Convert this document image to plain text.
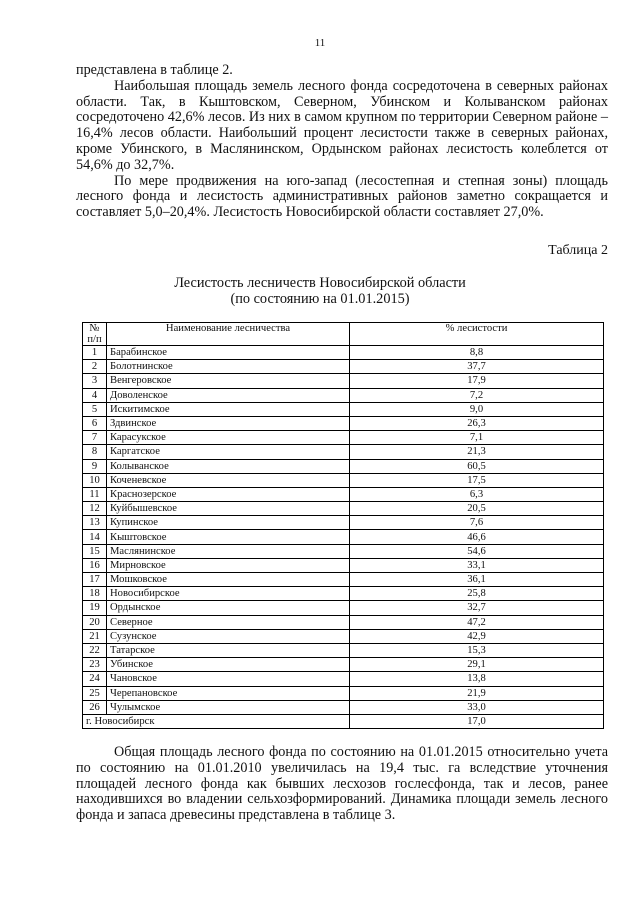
11

представлена в таблице 2.

Наибольшая площадь земель лесного фонда сосредоточена в северных районах области. Так, в Кыштовском, Северном, Убинском и Колыванском районах сосредоточено 42,6% лесов. Из них в самом крупном по территории Северном районе – 16,4% лесов области. Наибольший процент лесистости также в северных районах, кроме Убинского, в Маслянинском, Ордынском районах лесистость колеблется от 54,6% до 32,7%.

По мере продвижения на юго-запад (лесостепная и степная зоны) площадь лесного фонда и лесистость административных районов заметно сокращается и составляет 5,0–20,4%. Лесистость Новосибирской области составляет 27,0%.

Таблица 2
Лесистость лесничеств Новосибирской области
(по состоянию на 01.01.2015)
№ п/п	Наименование лесничества	% лесистости
1	Барабинское	8,8
2	Болотнинское	37,7
3	Венгеровское	17,9
4	Доволенское	7,2
5	Искитимское	9,0
6	Здвинское	26,3
7	Карасукское	7,1
8	Каргатское	21,3
9	Колыванское	60,5
10	Коченевское	17,5
11	Краснозерское	6,3
12	Куйбышевское	20,5
13	Купинское	7,6
14	Кыштовское	46,6
15	Маслянинское	54,6
16	Мирновское	33,1
17	Мошковское	36,1
18	Новосибирское	25,8
19	Ордынское	32,7
20	Северное	47,2
21	Сузунское	42,9
22	Татарское	15,3
23	Убинское	29,1
24	Чановское	13,8
25	Черепановское	21,9
26	Чулымское	33,0
г. Новосибирск		17,0

Общая площадь лесного фонда по состоянию на 01.01.2015 относительно учета по состоянию на 01.01.2010 увеличилась на 19,4 тыс. га вследствие уточнения площадей лесного фонда как бывших лесхозов гослесфонда, так и лесов, ранее находившихся во владении сельхозформирований. Динамика площади земель лесного фонда и запаса древесины представлена в таблице 3.
